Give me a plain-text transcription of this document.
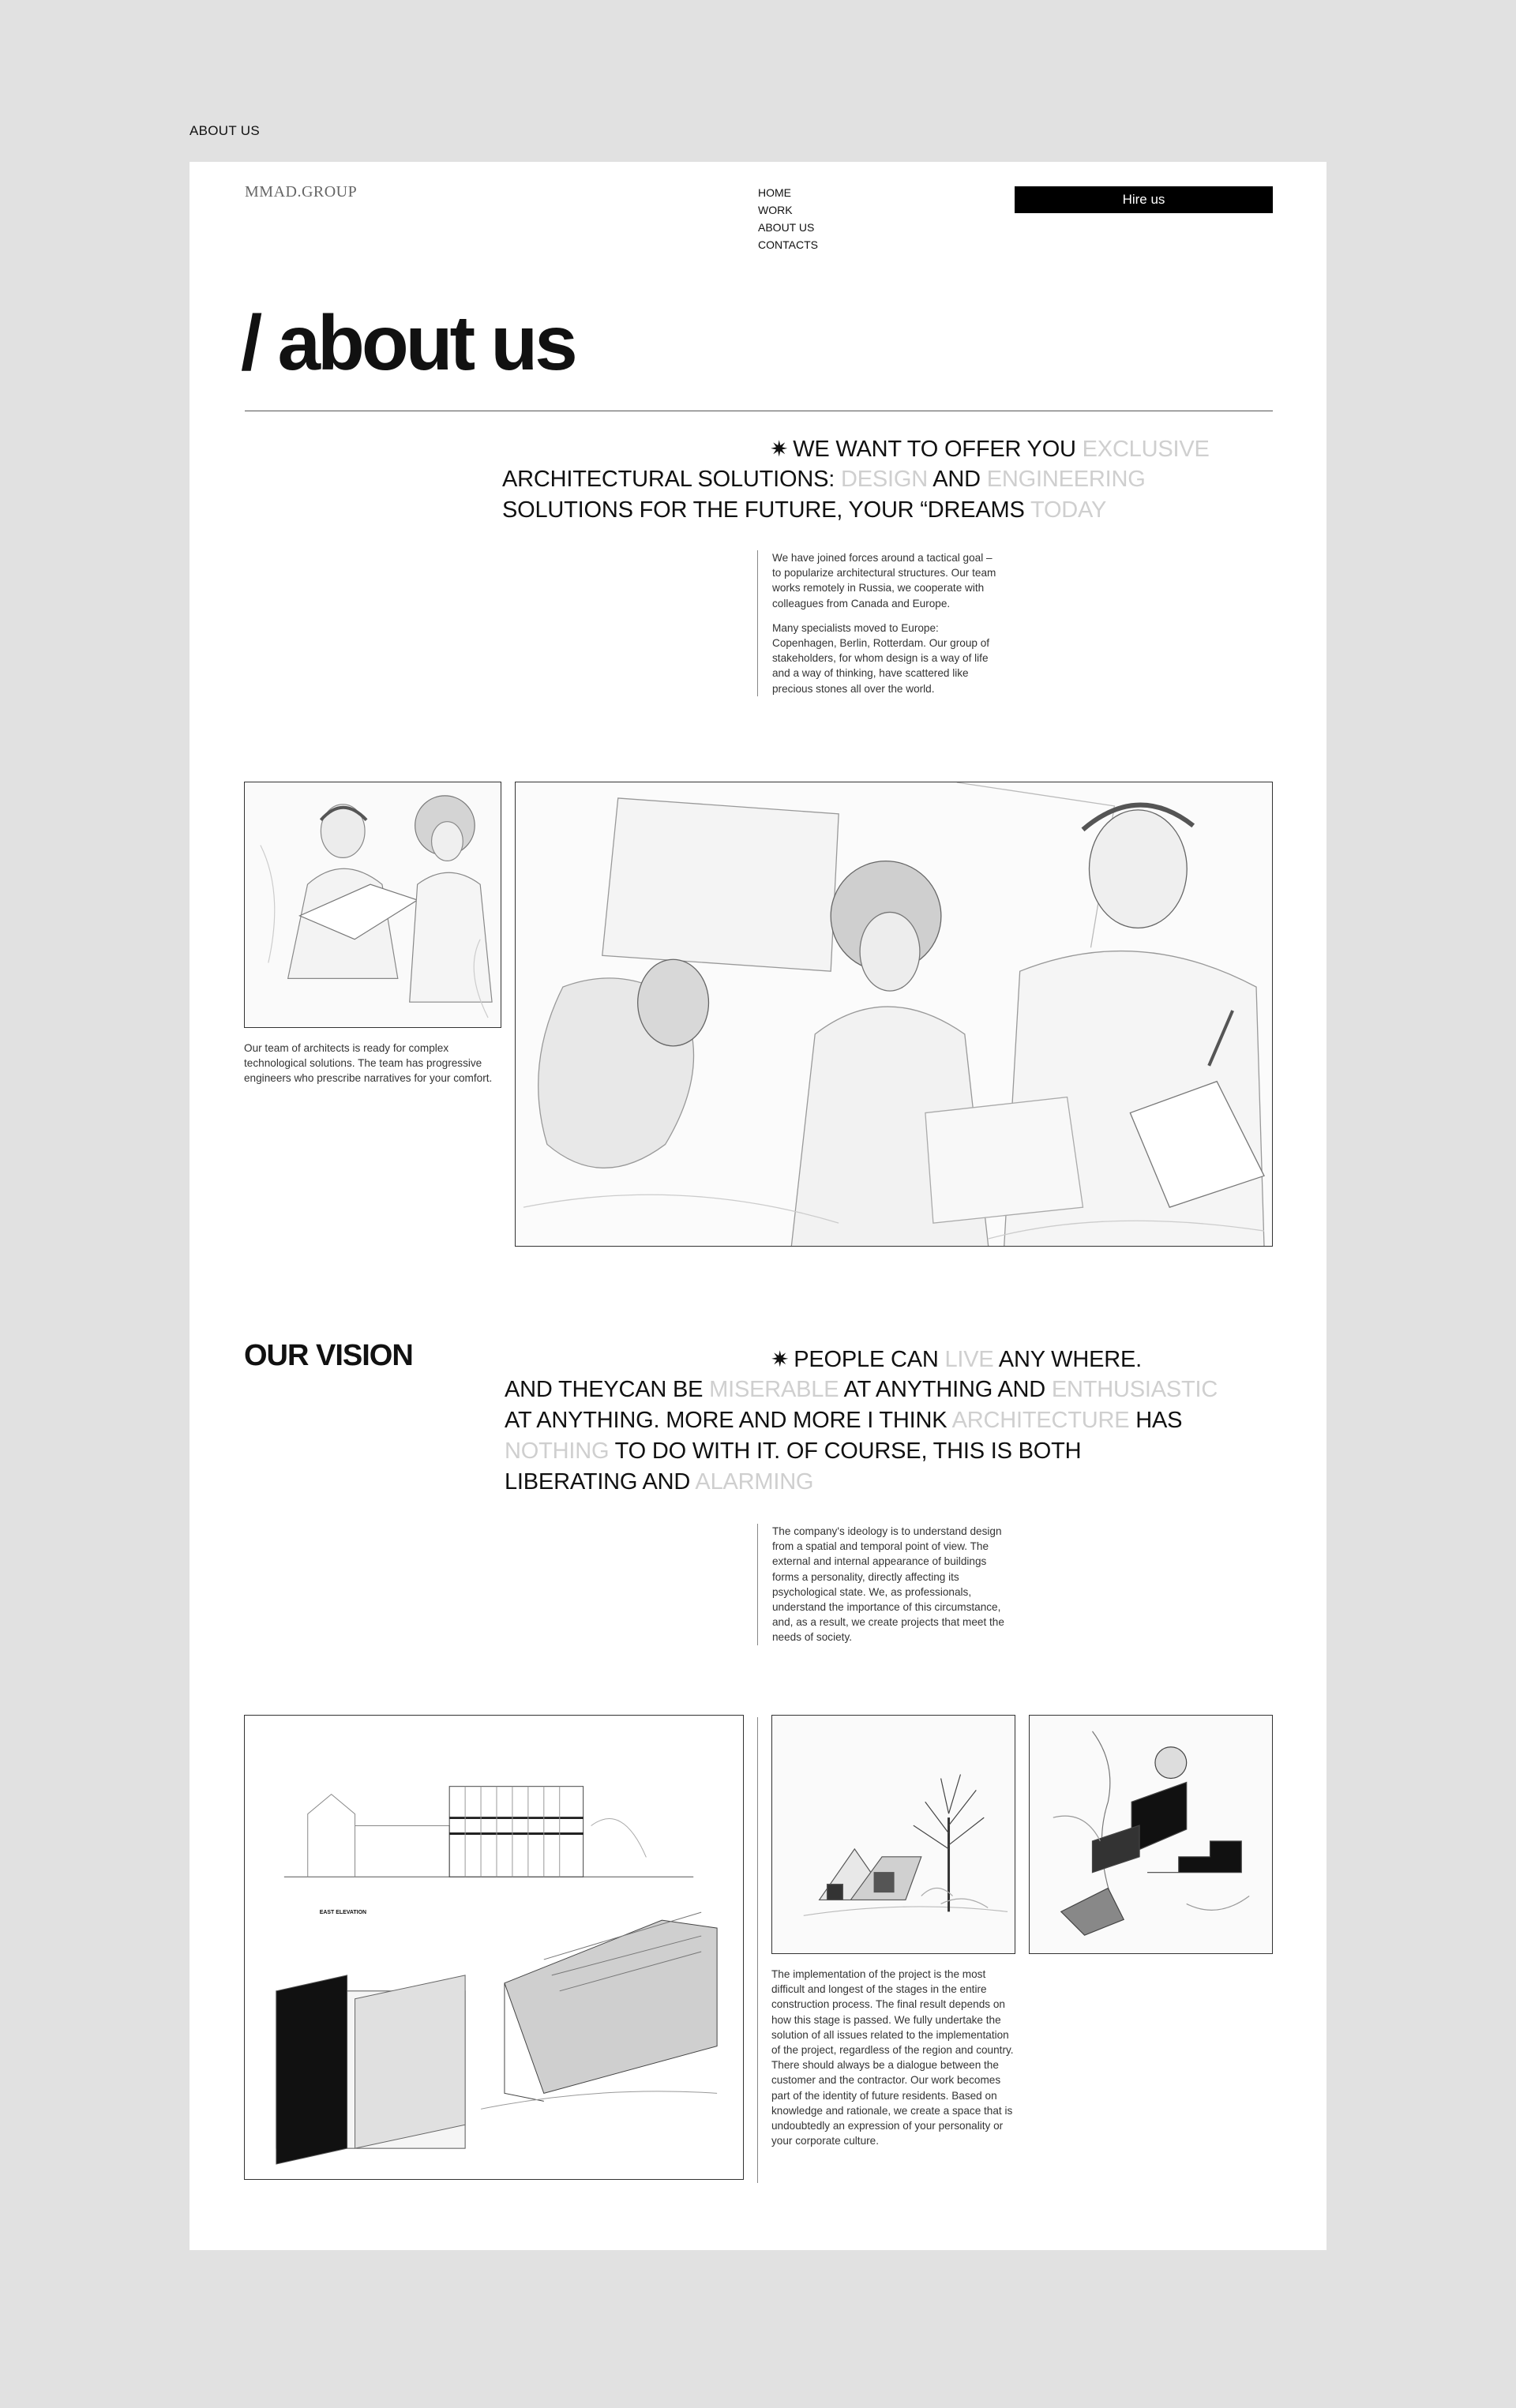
ABOUT US
MMAD.GROUP	HOME
WORK
ABOUT US
CONTACTS
Hire us
/ about us
✷ WE WANT TO OFFER YOU EXCLUSIVE
ARCHITECTURAL SOLUTIONS: DESIGN AND ENGINEERING
SOLUTIONS FOR THE FUTURE, YOUR “DREAMS TODAY

We have joined forces around a tactical goal – to popularize architectural structures. Our team works remotely in Russia, we cooperate with colleagues from Canada and Europe.

Many specialists moved to Europe: Copenhagen, Berlin, Rotterdam. Our group of stakeholders, for whom design is a way of life and a way of thinking, have scattered like precious stones all over the world.

Our team of architects is ready for complex technological solutions. The team has progressive engineers who prescribe narratives for your comfort.
OUR VISION	✷ PEOPLE CAN LIVE ANY WHERE.
AND THEYCAN BE MISERABLE AT ANYTHING AND ENTHUSIASTIC
AT ANYTHING. MORE AND MORE I THINK ARCHITECTURE HAS
NOTHING TO DO WITH IT. OF COURSE, THIS IS BOTH
LIBERATING AND ALARMING

The company's ideology is to understand design from a spatial and temporal point of view. The external and internal appearance of buildings forms a personality, directly affecting its psychological state. We, as professionals, understand the importance of this circumstance, and, as a result, we create projects that meet the needs of society.

EAST ELEVATION
The implementation of the project is the most difficult and longest of the stages in the entire construction process. The final result depends on how this stage is passed. We fully undertake the solution of all issues related to the implementation of the project, regardless of the region and country. There should always be a dialogue between the customer and the contractor. Our work becomes part of the identity of future residents. Based on knowledge and rationale, we create a space that is undoubtedly an expression of your personality or your corporate culture.
